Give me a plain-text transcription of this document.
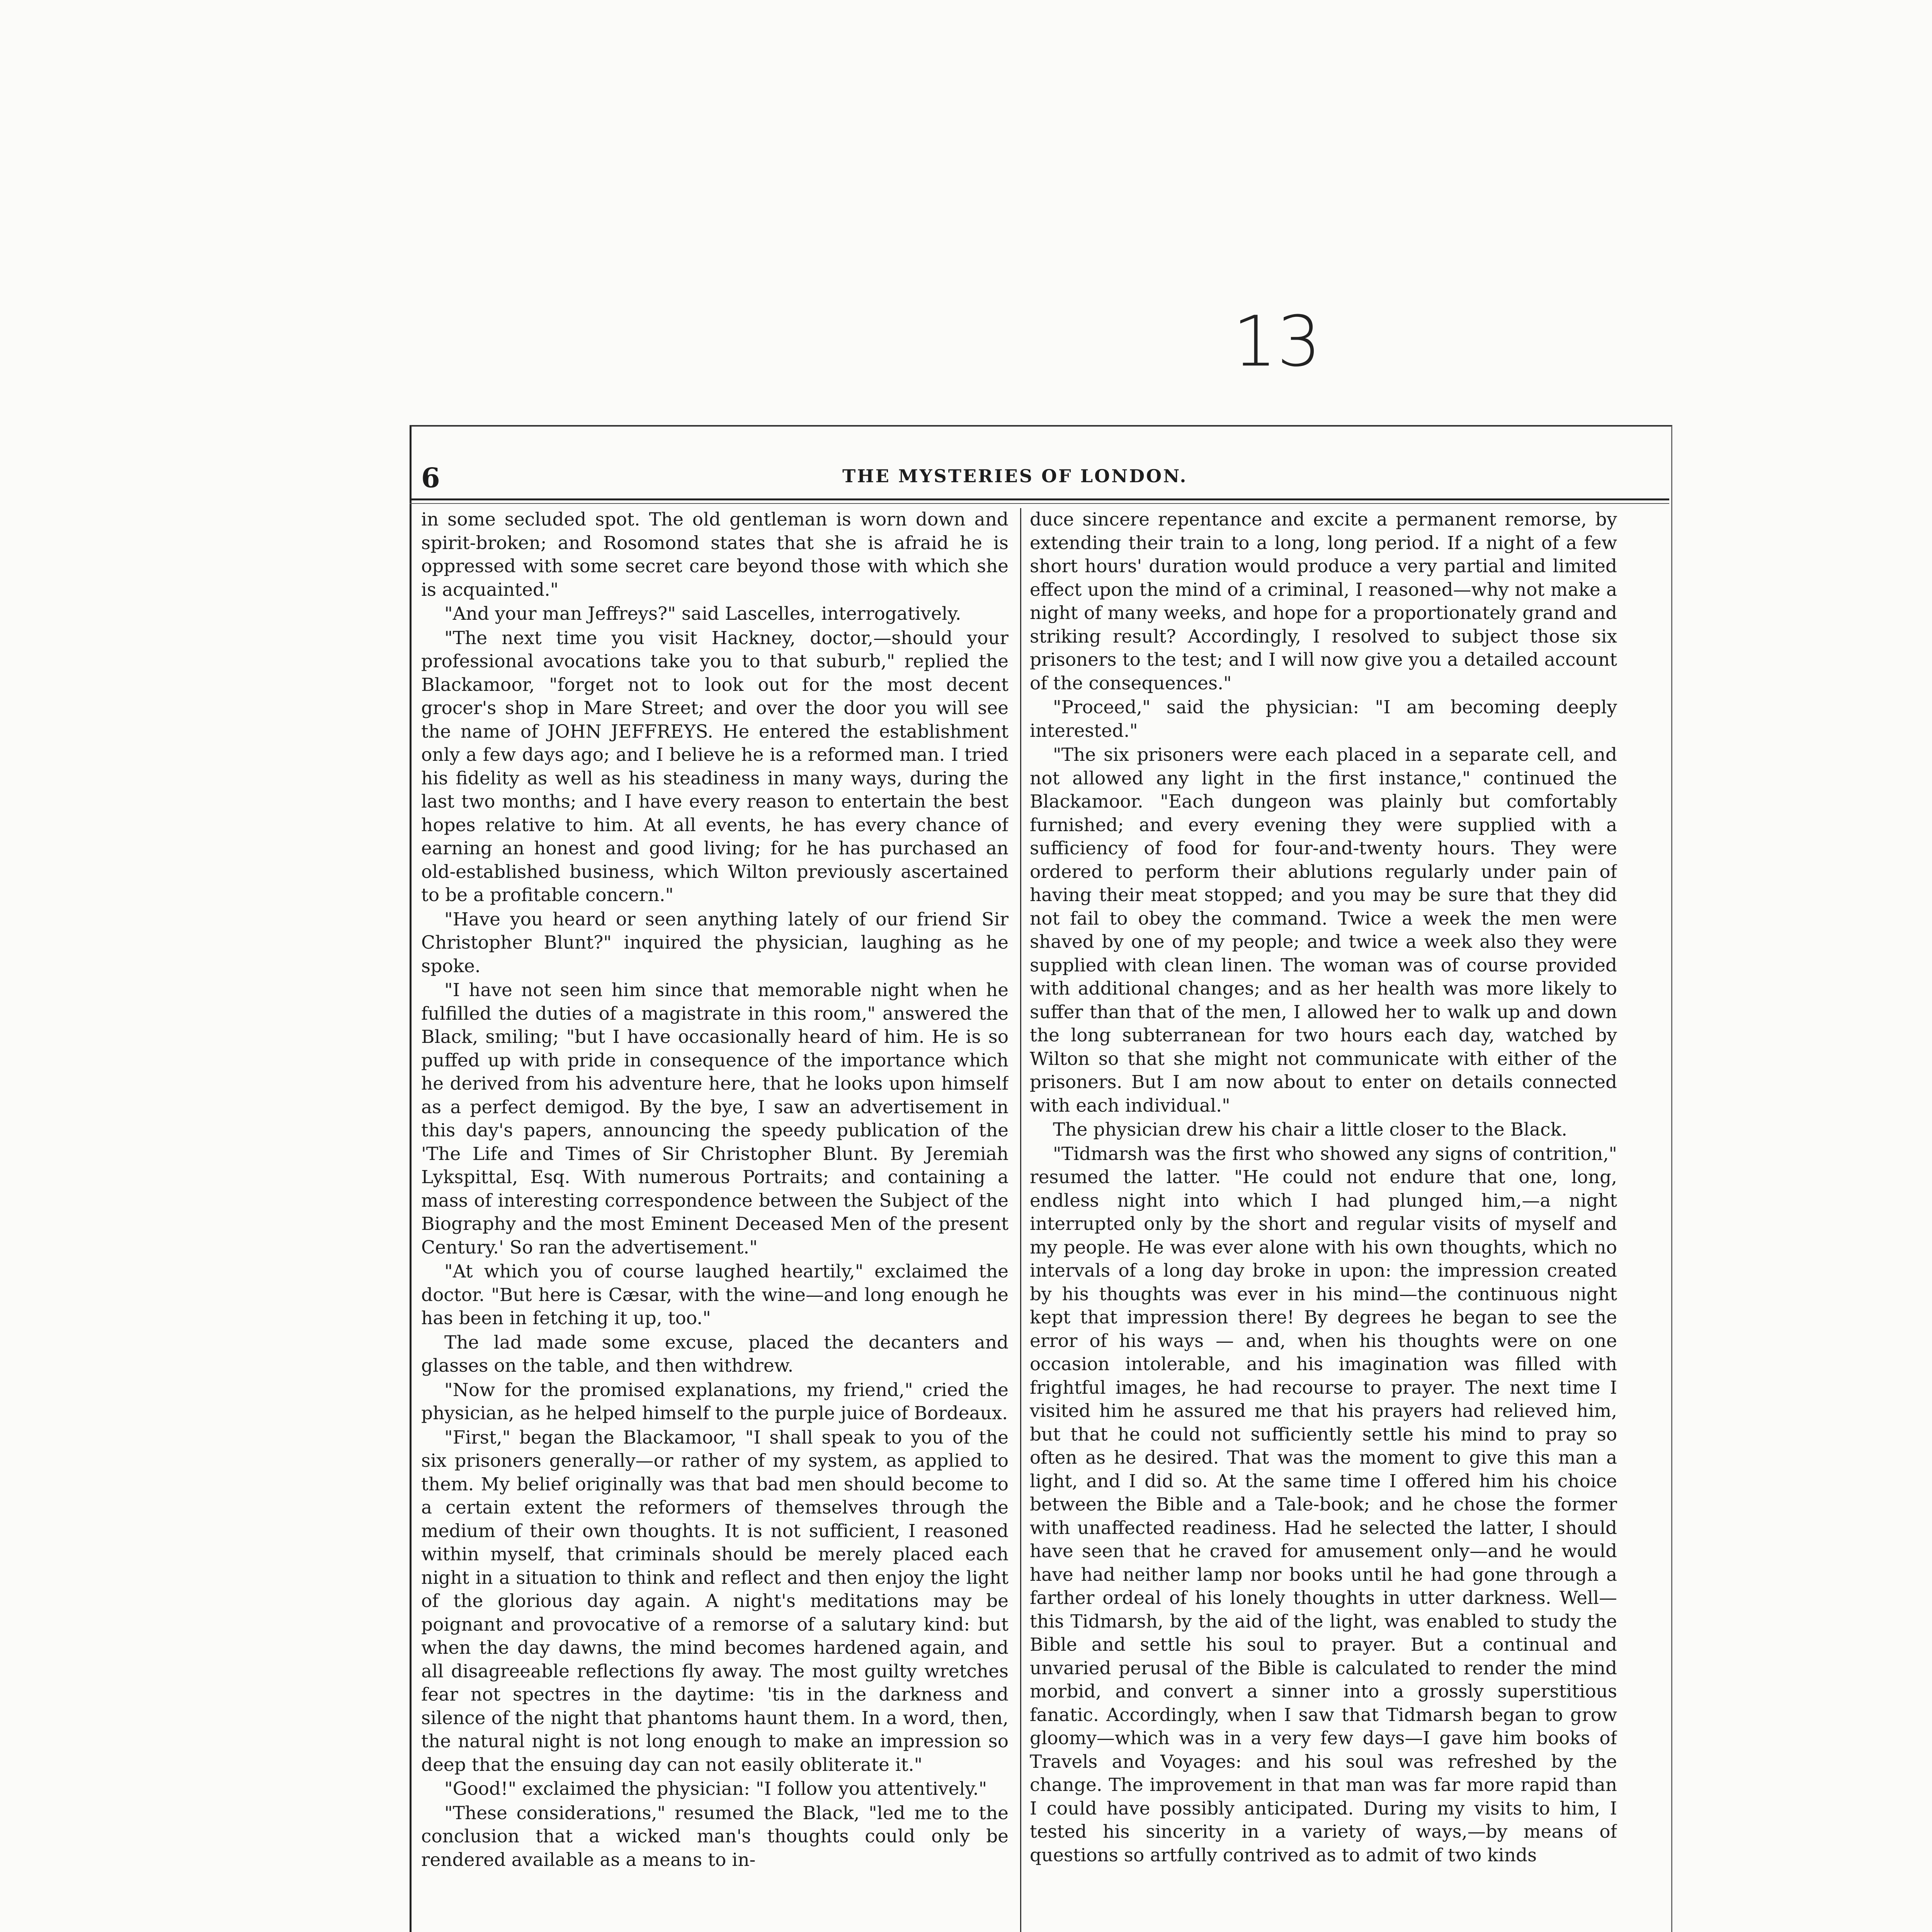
13
6	THE MYSTERIES OF LONDON.

in some secluded spot. The old gentleman is worn down and spirit-broken; and Rosomond states that she is afraid he is oppressed with some secret care beyond those with which she is acquainted."

"And your man Jeffreys?" said Lascelles, interrogatively.

"The next time you visit Hackney, doctor,—should your professional avocations take you to that suburb," replied the Blackamoor, "forget not to look out for the most decent grocer's shop in Mare Street; and over the door you will see the name of JOHN JEFFREYS. He entered the establishment only a few days ago; and I believe he is a reformed man. I tried his fidelity as well as his steadiness in many ways, during the last two months; and I have every reason to entertain the best hopes relative to him. At all events, he has every chance of earning an honest and good living; for he has purchased an old-established business, which Wilton previously ascertained to be a profitable concern."

"Have you heard or seen anything lately of our friend Sir Christopher Blunt?" inquired the physician, laughing as he spoke.

"I have not seen him since that memorable night when he fulfilled the duties of a magistrate in this room," answered the Black, smiling; "but I have occasionally heard of him. He is so puffed up with pride in consequence of the importance which he derived from his adventure here, that he looks upon himself as a perfect demigod. By the bye, I saw an advertisement in this day's papers, announcing the speedy publication of the 'The Life and Times of Sir Christopher Blunt. By Jeremiah Lykspittal, Esq. With numerous Portraits; and containing a mass of interesting correspondence between the Subject of the Biography and the most Eminent Deceased Men of the present Century.' So ran the advertisement."

"At which you of course laughed heartily," exclaimed the doctor. "But here is Cæsar, with the wine—and long enough he has been in fetching it up, too."

The lad made some excuse, placed the decanters and glasses on the table, and then withdrew.

"Now for the promised explanations, my friend," cried the physician, as he helped himself to the purple juice of Bordeaux.

"First," began the Blackamoor, "I shall speak to you of the six prisoners generally—or rather of my system, as applied to them. My belief originally was that bad men should become to a certain extent the reformers of themselves through the medium of their own thoughts. It is not sufficient, I reasoned within myself, that criminals should be merely placed each night in a situation to think and reflect and then enjoy the light of the glorious day again. A night's meditations may be poignant and provocative of a remorse of a salutary kind: but when the day dawns, the mind becomes hardened again, and all disagreeable reflections fly away. The most guilty wretches fear not spectres in the daytime: 'tis in the darkness and silence of the night that phantoms haunt them. In a word, then, the natural night is not long enough to make an impression so deep that the ensuing day can not easily obliterate it."

"Good!" exclaimed the physician: "I follow you attentively."

"These considerations," resumed the Black, "led me to the conclusion that a wicked man's thoughts could only be rendered available as a means to in-

duce sincere repentance and excite a permanent remorse, by extending their train to a long, long period. If a night of a few short hours' duration would produce a very partial and limited effect upon the mind of a criminal, I reasoned—why not make a night of many weeks, and hope for a proportionately grand and striking result? Accordingly, I resolved to subject those six prisoners to the test; and I will now give you a detailed account of the consequences."

"Proceed," said the physician: "I am becoming deeply interested."

"The six prisoners were each placed in a separate cell, and not allowed any light in the first instance," continued the Blackamoor. "Each dungeon was plainly but comfortably furnished; and every evening they were supplied with a sufficiency of food for four-and-twenty hours. They were ordered to perform their ablutions regularly under pain of having their meat stopped; and you may be sure that they did not fail to obey the command. Twice a week the men were shaved by one of my people; and twice a week also they were supplied with clean linen. The woman was of course provided with additional changes; and as her health was more likely to suffer than that of the men, I allowed her to walk up and down the long subterranean for two hours each day, watched by Wilton so that she might not communicate with either of the prisoners. But I am now about to enter on details connected with each individual."

The physician drew his chair a little closer to the Black.

"Tidmarsh was the first who showed any signs of contrition," resumed the latter. "He could not endure that one, long, endless night into which I had plunged him,—a night interrupted only by the short and regular visits of myself and my people. He was ever alone with his own thoughts, which no intervals of a long day broke in upon: the impression created by his thoughts was ever in his mind—the continuous night kept that impression there! By degrees he began to see the error of his ways — and, when his thoughts were on one occasion intolerable, and his imagination was filled with frightful images, he had recourse to prayer. The next time I visited him he assured me that his prayers had relieved him, but that he could not sufficiently settle his mind to pray so often as he desired. That was the moment to give this man a light, and I did so. At the same time I offered him his choice between the Bible and a Tale-book; and he chose the former with unaffected readiness. Had he selected the latter, I should have seen that he craved for amusement only—and he would have had neither lamp nor books until he had gone through a farther ordeal of his lonely thoughts in utter darkness. Well—this Tidmarsh, by the aid of the light, was enabled to study the Bible and settle his soul to prayer. But a continual and unvaried perusal of the Bible is calculated to render the mind morbid, and convert a sinner into a grossly superstitious fanatic. Accordingly, when I saw that Tidmarsh began to grow gloomy—which was in a very few days—I gave him books of Travels and Voyages: and his soul was refreshed by the change. The improvement in that man was far more rapid than I could have possibly anticipated. During my visits to him, I tested his sincerity in a variety of ways,—by means of questions so artfully contrived as to admit of two kinds
